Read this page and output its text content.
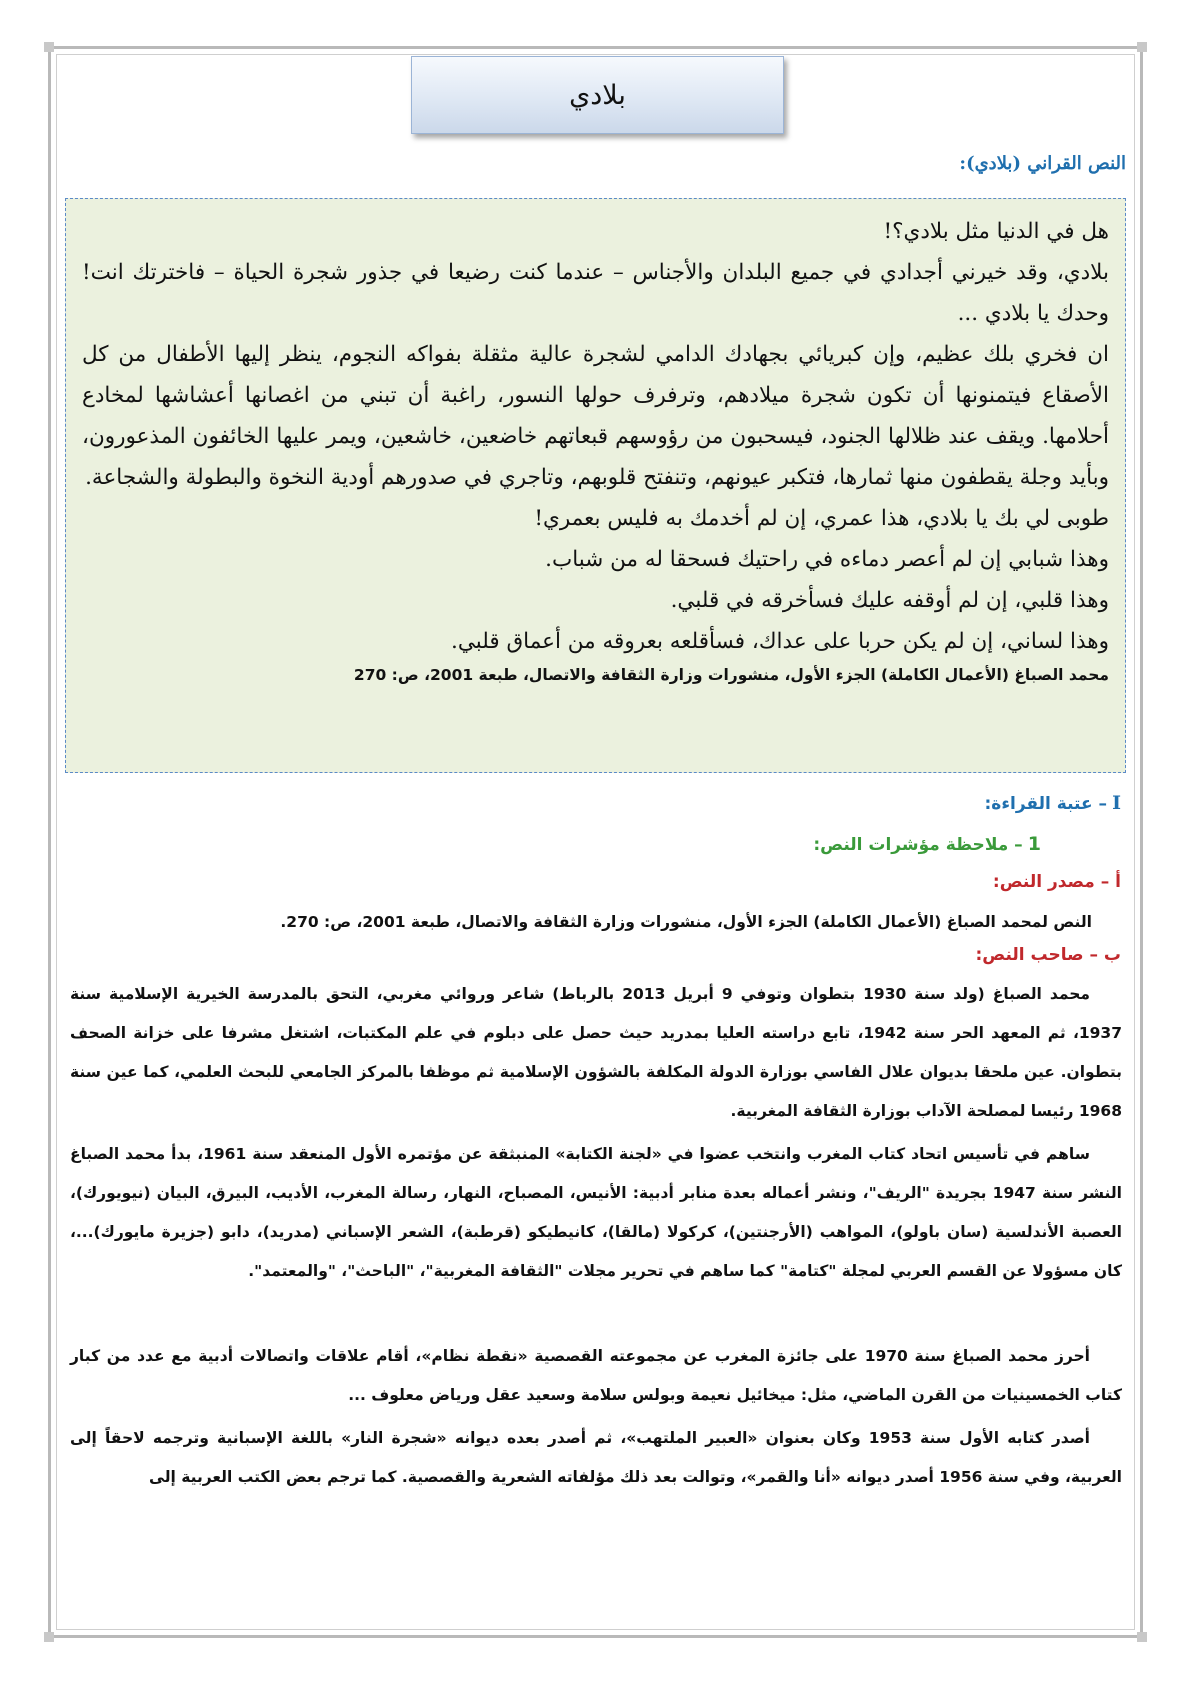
بلادي
النص القراني (بلادي):

هل في الدنيا مثل بلادي؟!

بلادي، وقد خيرني أجدادي في جميع البلدان والأجناس – عندما كنت رضيعا في جذور شجرة الحياة – فاخترتك انت! وحدك يا بلادي ...

ان فخري بلك عظيم، وإن كبريائي بجهادك الدامي لشجرة عالية مثقلة بفواكه النجوم، ينظر إليها الأطفال من كل الأصقاع فيتمنونها أن تكون شجرة ميلادهم، وترفرف حولها النسور، راغبة أن تبني من اغصانها أعشاشها لمخادع أحلامها. ويقف عند ظلالها الجنود، فيسحبون من رؤوسهم قبعاتهم خاضعين، خاشعين، ويمر عليها الخائفون المذعورون، وبأيد وجلة يقطفون منها ثمارها، فتكبر عيونهم، وتنفتح قلوبهم، وتاجري في صدورهم أودية النخوة والبطولة والشجاعة.

طوبى لي بك يا بلادي، هذا عمري، إن لم أخدمك به فليس بعمري!

وهذا شبابي إن لم أعصر دماءه في راحتيك فسحقا له من شباب.

وهذا قلبي، إن لم أوقفه عليك فسأخرقه في قلبي.

وهذا لساني، إن لم يكن حربا على عداك، فسأقلعه بعروقه من أعماق قلبي.

محمد الصباغ (الأعمال الكاملة) الجزء الأول، منشورات وزارة الثقافة والاتصال، طبعة 2001، ص: 270
I – عتبة القراءة:
1 – ملاحظة مؤشرات النص:
أ – مصدر النص:

النص لمحمد الصباغ (الأعمال الكاملة) الجزء الأول، منشورات وزارة الثقافة والاتصال، طبعة 2001، ص: 270.

ب – صاحب النص:

محمد الصباغ (ولد سنة 1930 بتطوان وتوفي 9 أبريل 2013 بالرباط) شاعر وروائي مغربي، التحق بالمدرسة الخيرية الإسلامية سنة 1937، ثم المعهد الحر سنة 1942، تابع دراسته العليا بمدريد حيث حصل على دبلوم في علم المكتبات، اشتغل مشرفا على خزانة الصحف بتطوان. عين ملحقا بديوان علال الفاسي بوزارة الدولة المكلفة بالشؤون الإسلامية ثم موظفا بالمركز الجامعي للبحث العلمي، كما عين سنة 1968 رئيسا لمصلحة الآداب بوزارة الثقافة المغربية.

ساهم في تأسيس اتحاد كتاب المغرب وانتخب عضوا في «لجنة الكتابة» المنبثقة عن مؤتمره الأول المنعقد سنة 1961، بدأ محمد الصباغ النشر سنة 1947 بجريدة "الريف"، ونشر أعماله بعدة منابر أدبية: الأنيس، المصباح، النهار، رسالة المغرب، الأديب، البيرق، البيان (نيويورك)، العصبة الأندلسية (سان باولو)، المواهب (الأرجنتين)، كركولا (مالقا)، كانيطيكو (قرطبة)، الشعر الإسباني (مدريد)، دابو (جزيرة مايورك)...، كان مسؤولا عن القسم العربي لمجلة "كتامة" كما ساهم في تحرير مجلات "الثقافة المغربية"، "الباحث"، "والمعتمد".

أحرز محمد الصباغ سنة 1970 على جائزة المغرب عن مجموعته القصصية «نقطة نظام»، أقام علاقات واتصالات أدبية مع عدد من كبار كتاب الخمسينيات من القرن الماضي، مثل: ميخائيل نعيمة وبولس سلامة وسعيد عقل ورياض معلوف ...

أصدر كتابه الأول سنة 1953 وكان بعنوان «العبير الملتهب»، ثم أصدر بعده ديوانه «شجرة النار» باللغة الإسبانية وترجمه لاحقاً إلى العربية، وفي سنة 1956 أصدر ديوانه «أنا والقمر»، وتوالت بعد ذلك مؤلفاته الشعرية والقصصية. كما ترجم بعض الكتب العربية إلى
